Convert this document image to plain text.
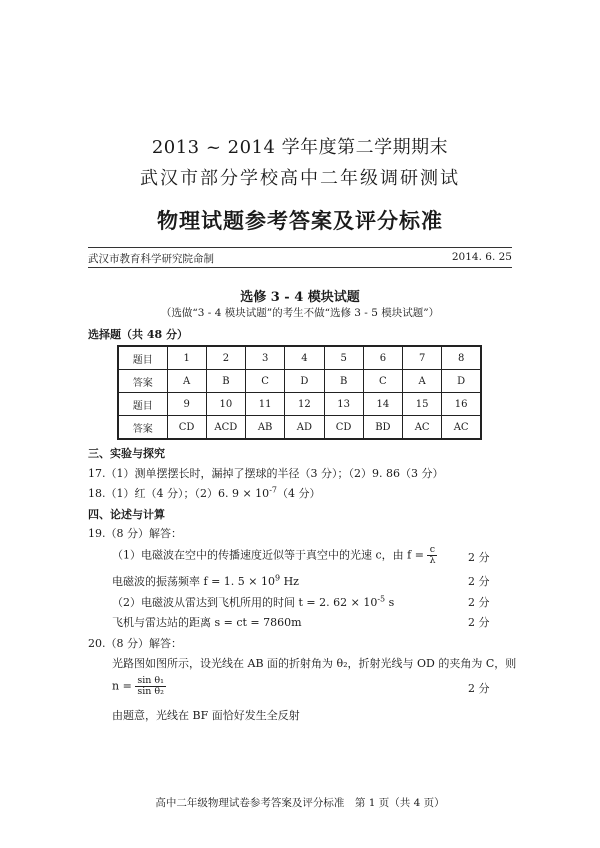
2013 ~ 2014 学年度第二学期期末
武汉市部分学校高中二年级调研测试
物理试题参考答案及评分标准
武汉市教育科学研究院命制	2014. 6. 25
选修 3 - 4 模块试题
（选做“3 - 4 模块试题”的考生不做“选修 3 - 5 模块试题”）
选择题（共 48 分）
题目	1	2	3	4	5	6	7	8
答案	A	B	C	D	B	C	A	D
题目	9	10	11	12	13	14	15	16
答案	CD	ACD	AB	AD	CD	BD	AC	AC
三、实验与探究
17.（1）测单摆摆长时，漏掉了摆球的半径（3 分）；（2）9. 86（3 分）
18.（1）红（4 分）；（2）6. $9 \times 10^{-7}(4$ 分）
四、论述与计算
19.（8 分）解答：
（1）电磁波在空中的传播速度近似等于真空中的光速 c，由 $f = \frac{c}{\lambda}$	2 分
电磁波的振荡频率 f = 1. $5 \times 10^9$ Hz	2 分
（2）电磁波从雷达到飞机所用的时间 t = 2. $62 \times 10^{-5}$ s	2 分
飞机与雷达站的距离 s = ct = 7860m	2 分
20.（8 分）解答：
光路图如图所示，设光线在 AB 面的折射角为 θ₂，折射光线与 OD 的夹角为 C，则
$n = \frac{\text{sin θ₁}}{\text{sin θ₂}}$	2 分
由题意，光线在 BF 面恰好发生全反射
高中二年级物理试卷参考答案及评分标准　第 1 页（共 4 页）
